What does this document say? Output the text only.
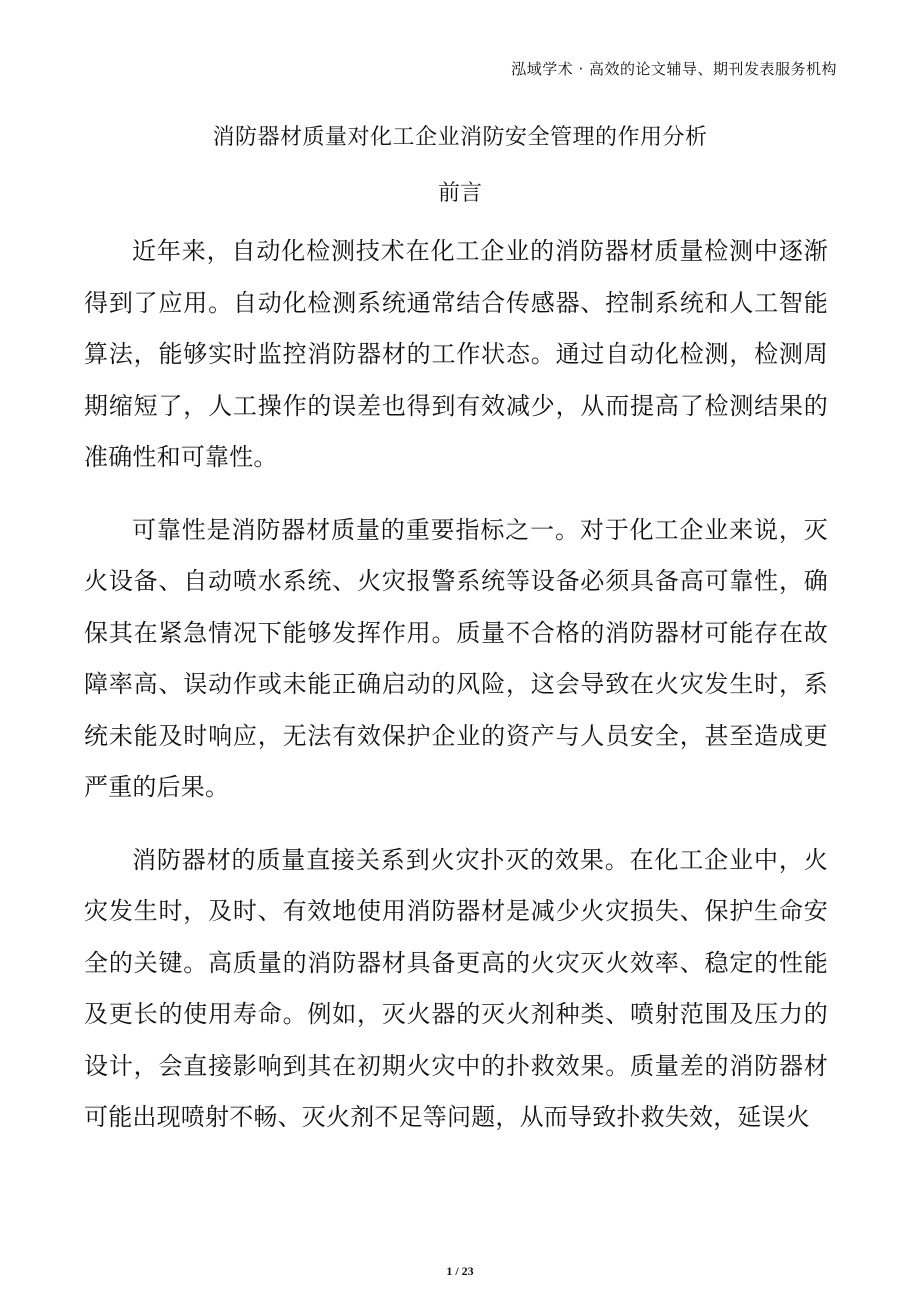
泓域学术 · 高效的论文辅导、期刊发表服务机构
消防器材质量对化工企业消防安全管理的作用分析
前言

近年来，自动化检测技术在化工企业的消防器材质量检测中逐渐得到了应用。自动化检测系统通常结合传感器、控制系统和人工智能算法，能够实时监控消防器材的工作状态。通过自动化检测，检测周期缩短了，人工操作的误差也得到有效减少，从而提高了检测结果的准确性和可靠性。

可靠性是消防器材质量的重要指标之一。对于化工企业来说，灭火设备、自动喷水系统、火灾报警系统等设备必须具备高可靠性，确保其在紧急情况下能够发挥作用。质量不合格的消防器材可能存在故障率高、误动作或未能正确启动的风险，这会导致在火灾发生时，系统未能及时响应，无法有效保护企业的资产与人员安全，甚至造成更严重的后果。

消防器材的质量直接关系到火灾扑灭的效果。在化工企业中，火灾发生时，及时、有效地使用消防器材是减少火灾损失、保护生命安全的关键。高质量的消防器材具备更高的火灾灭火效率、稳定的性能及更长的使用寿命。例如，灭火器的灭火剂种类、喷射范围及压力的设计，会直接影响到其在初期火灾中的扑救效果。质量差的消防器材可能出现喷射不畅、灭火剂不足等问题，从而导致扑救失效，延误火

1 / 23
